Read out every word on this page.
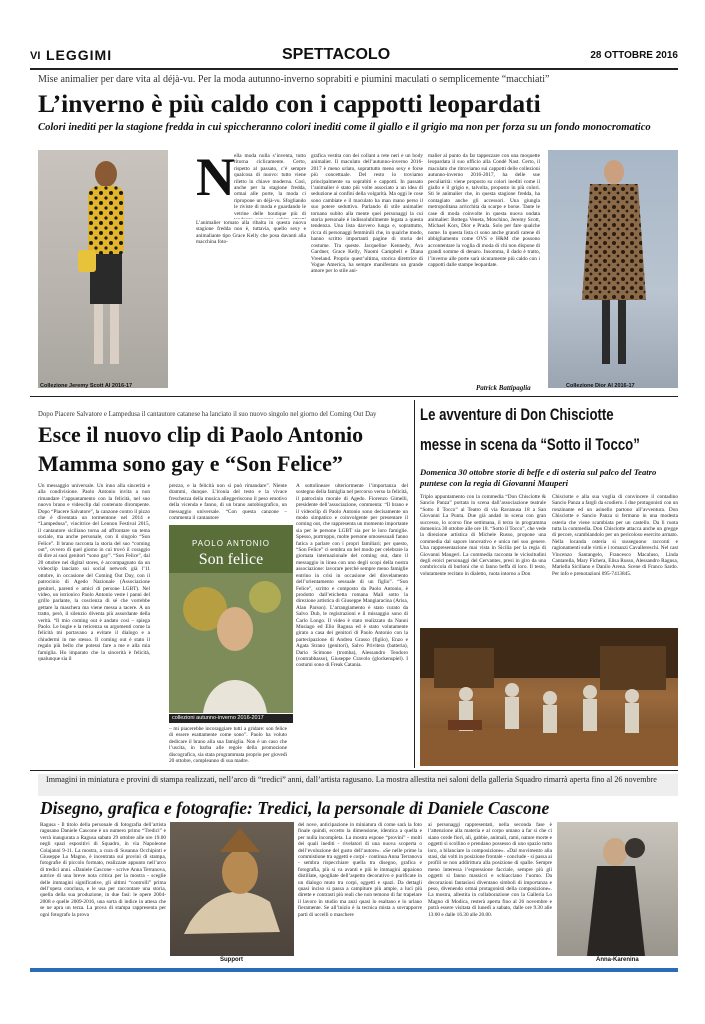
VI LEGGIMI	SPETTACOLO	28 OTTOBRE 2016
Mise animalier per dare vita al déjà-vu. Per la moda autunno-inverno soprabiti e piumini maculati o semplicemente “macchiati”
L’inverno è più caldo con i cappotti leopardati
Colori inediti per la stagione fredda in cui spiccheranno colori inediti come il giallo e il grigio ma non per forza su un fondo monocromatico
Collezione Jeremy Scott AI 2016-17
N ella moda nulla s’inventa, tutto ritorna ciclicamente. Certo, rispetto al passato, c’è sempre qualcosa di nuovo: tutto viene riletto in chiave moderna. Così, anche per la stagione fredda, ormai alle porte, la moda ci ripropone un déjà-vu. Sfogliando le riviste di moda e guardando le vetrine delle boutique più di

L’animalier tornato alla ribalta in questa nuova stagione fredda non è, tuttavia, quello sexy e animaliante tipo Grace Kelly che posa davanti alla macchina foto-

grafica vestita con dei collant a rete neri e un body animalier. Il maculato dell’autunno-inverno 2016-2017 è meno urlato, soprattutto meno sexy e forse più concettuale. Del resto lo troviamo principalmente su soprabiti e cappotti. In passato l’animalier è stato più volte associato a un idea di seduzione ai confini della volgarità. Ma oggi le cose sono cambiate e il maculato ha man mano perso il suo potere seduttivo. Parlando di stile animalier tornano subito alla mente quei personaggi la cui storia personale è indissolubilmente legata a questa tendenza. Una lista davvero lunga e, soprattutto, ricca di personaggi femminili che, in qualche modo, hanno scritto importanti pagine di storia del costume. Tra queste. Jacqueline Kennedy, Ava Gardner, Grace Kelly, Naomi Campbell e Diana Vreeland. Proprio quest’ultima, storica direttrice di Vogue America, ha sempre manifestato un grande amore per lo stile ani-

malier al punto da far tappezzare con una moquette leopardata il suo ufficio alla Condè Nast. Certo, il maculato che ritroviamo sui cappotti delle collezioni autunno-inverno 2016-2017, ha delle sue peculiarità: viene proposto su colori inediti come il giallo e il grigio e, talvolta, proposto in più colori. Sti le animalier che, in questa stagione fredda, ha contagiato anche gli accessori. Una giungla metropolitana arricchita da scarpe e borse. Tante le case di moda coinvolte in questa nuova ondata animalier: Bottega Veneta, Moschino, Jeremy Scott, Michael Kors, Dior e Prada. Solo per fare qualche nome. In questa lista ci sono anche grandi catene di abbigliamento come OVS e H&M che possono accontentare la voglia di moda di chi non dispone di grandi somme di denaro. Insomma, il dado è tratto, l’inverno alle porte sarà sicuramente più caldo con i cappotti dalle stampe leopardate.

Patrick Battipaglia	Collezione Dior AI 2016-17
Dopo Piacere Salvatore e Lampedusa il cantautore catanese ha lanciato il suo nuovo singolo nel giorno del Coming Out Day
Esce il nuovo clip di Paolo Antonio
Mamma sono gay e “Son Felice”

Un messaggio universale. Un inno alla sincerità e alla condivisione. Paolo Antonio invita a non rimandare l’appuntamento con la felicità, nel suo nuovo brano e videoclip dal contenuto dirompente. Dopo “Piacere Salvatore”, la canzone contro il pizzo che è diventata un tormentone nel 2014 e “Lampedusa”, vincitrice del Lennon Festival 2015, il cantautore siciliano torna ad affrontare un tema sociale, ma anche personale, con il singolo “Son Felice”. Il brano racconta la storia del suo “coming out”, ovvero di quel giorno in cui trovò il coraggio di dire ai suoi genitori “sono gay”. “Son Felice”, dal 20 ottobre nei digital stores, è accompagnato da un videoclip lanciato sui social network già l’11 ottobre, in occasione del Coming Out Day, con il patrocinio di Agedo Nazionale (Associazione genitori, parenti e amici di persone LGBT). Nel video, un istrionico Paolo Antonio veste i panni del grillo parlante, la coscienza di sé che vorrebbe gettare la maschera ma viene messa a tacere. A un tratto, però, il silenzio diventa più assordante della verità. “Il mio coming out è andato così – spiega Paolo. Le bugie e la reticenza su argomenti come la felicità mi portavano a evitare il dialogo e a chiudermi in me stesso. Il coming out è stato il regalo più bello che potessi fare a me e alla mia famiglia. Ho imparato che la sincerità è felicità, qualunque sia il

prezzo, e la felicità non si può rimandare”. Niente drammi, dunque. L’ironia del testo e la vivace freschezza della musica alleggeriscono il peso emotivo della vicenda e fanno, di un brano autobiografico, un messaggio universale. “Con questa canzone – commenta il cantautore

PAOLO ANTONIO
Son felice
collezioni autunno-inverno 2016-2017

– mi piacerebbe incoraggiare tutti a gridare: son felice di essere esattamente come sono”. Paolo ha voluto dedicare il brano alla sua famiglia. Non è un caso che l’uscita, in barba alle regole della promozione discografica, sia stata programmata proprio per giovedì 20 ottobre, compleanno di sua madre.

A sottolineare ulteriormente l’importanza del sostegno della famiglia nel percorso verso la felicità, il patrocinio morale di Agedo. Fiorenzo Gimelli, presidente dell’associazione, commenta: “Il brano e il videoclip di Paolo Antonio sono decisamente un modo simpatico e coinvolgente per presentare il coming out, che rappresenta un momento importante sia per le persone LGBT sia per le loro famiglie. Spesso, purtroppo, molte persone omosessuali fanno fatica a parlare con i propri familiari; per questo, “Son Felice” ci sembra un bel modo per celebrare la giornata internazionale del coming out, dato il messaggio in linea con uno degli scopi della nostra associazione: lavorare perché sempre meno famiglie entrino in crisi in occasione del disvelamento dell’orientamento sessuale di un figlio”. “Son Felice”, scritto e composto da Paolo Antonio, è prodotto dall’etichetta romana Mali sotto la direzione artistica di Giuseppe Mangiaracina (Arisa, Alan Parson). L’arrangiamento è stato curato da Salvo Dub, le registrazioni e il missaggio sono di Carlo Longo. Il video è stato realizzato da Nanni Musiago ed Elio Ragusa ed è stato volutamente girato a casa dei genitori di Paolo Antonio con la partecipazione di Andrea Grasso (figlio), Enzo e Agata Strano (genitori), Salvo Privitera (batteria), Dario Scimone (tromba), Alessandro Teodoro (contrabbasso), Giuseppe Cravolo (glockenspiel). I costumi sono di Freak Catania.

Le avventure di Don Chisciotte
messe in scena da “Sotto il Tocco”
Domenica 30 ottobre storie di beffe e di osteria sul palco del Teatro puntese con la regia di Giovanni Mauperi

Triplo appuntamento con la commedia “Don Chisciotte & Sancio Panza” portata in scena dall’associazione teatrale “Sotto il Tocco” al Teatro di via Ravanusa 18 a San Giovanni La Punta. Due già andati in scena con gran successo, lo scorso fine settimana, il terzo in programma domenica 30 ottobre alle ore 18. “Sotto il Tocco”, che vede la direzione artistica di Michele Russo, propone una commedia dal sapore innovativo e unica nel suo genere. Una rappresentazione mai vista in Sicilia per la regia di Giovanni Maugeri. La commedia racconta le vicissitudini degli eroici personaggi del Cervantes, presi in giro da una combriccola di burloni che si fanno beffa di loro. Il testo, volutamente recitato in dialetto, ruota intorno a Don

Chisciotte e alla sua voglia di convincere il contadino Sancio Panza a farglì da scudiero. I due protagonisti con un ronzinante ed un asinello partono all’avventura. Don Chisciotte e Sancio Panza si fermano in una modesta osteria che viene scambiata per un castello. Da li ruota tutta la commedia. Don Chisciotte attacca anche un gregge di pecore, scambiandolo per un pericoloso esercito armato. Nella locanda osteria si susseguono racconti e ragionamenti sulle virtù e i romanzi Cavallereschi. Nel cast Vincenzo Santangelo, Francesco Macaluso, Linda Cantarella, Mary Fichera, Elisa Russo, Alessandro Ragusa, Mariella Siciliano e Danilo Arena. Scene di Franco Sardo. Per info e prenotazioni 095-7413845.

Immagini in miniatura e provini di stampa realizzati, nell’arco di “tredici” anni, dall’artista ragusano. La mostra allestita nei saloni della galleria Squadro rimarrà aperta fino al 26 novembre
Disegno, grafica e fotografie: Tredici, la personale di Daniele Cascone
Support

Ragusa - Il titolo della personale di fotografia dell’artista ragusano Daniele Cascone è un numero primo “Tredici” e verrà inaugurata a Ragusa sabato 29 ottobre alle ore 19.00 negli spazi espositivi di Squadro, in via Napoleone Colajanni 9-11. La mostra, a cura di Susanna Occhipinti e Giuseppe Lo Magno, è incentrata sui provini di stampa, fotografie di piccolo formato, realizzate appunto nell’arco di tredici anni. «Daniele Cascone - scrive Anna Terranova, autrice di una breve nota critica per la mostra - sceglie delle immagini significative, gli ultimi “controlli” prima dell’opera conclusa, e le usa per raccontare una storia, quella della sua produzione, in due fasi: le opere 2004-2008 e quelle 2009-2016, una sorta di indice in attesa che se ne apra un terza. La prova di stampa rappresenta per ogni fotografo la prova

del nove, anticipazione in miniatura di come sarà la foto finale quindi, eccetto la dimensione, identica a quella e per nulla incompleta. La mostra espone “provini” - molti dei quali inediti - rivelatori di una nuova scoperta o dell’evoluzione del gusto dell’autore». «Se nelle prime la commistione tra oggetti e corpi - continua Anna Terranova - sembra rispecchiare quella tra disegno, grafica e fotografia, più si va avanti e più le immagini appaiono distillate, spogliate dell’aspetto decorativo e purificate in un dialogo muto tra corpi, oggetti e spazi. Da dettagli quasi inciso si passa a campiture più ampie, a luci più dirette e contrasti più reali che non temono di far trapelare il lavoro in studio ma anzi quasi lo esaltano e lo urlano fieramente. Se all’inizio è la tecnica mista a sovrapporre parti di uccelli o maschere

ai personaggi rappresentati, nella seconda fase è l’attenzione alla materia e al corpo umano a far sì che ci siano corde fiori, ali, gabbie, animali, rami, nature morte e oggetti si scollino e prendano possesso di uno spazio tutto loro, a bilanciare la composizione». «Dal movimento alla stasi, dai volti in posizione frontale - conclude - si passa ai profili se non addirittura alla posizione di spalle. Sempre meno interessa l’espressione facciale, sempre più gli oggetti si fanno massicci e schiacciano l’uomo. Da decorazioni fantasiosi diventano simboli di importanza e peso, divenendo ormai protagonisti della composizione». La mostra, allestita in collaborazione con la Galleria Lo Magno di Modica, resterà aperta fino al 26 novembre e potrà essere visitata di lunedì a sabato, dalle ore 9.30 alle 13:00 e dalle 16.30 alle 20.00.

Anna-Karenina
